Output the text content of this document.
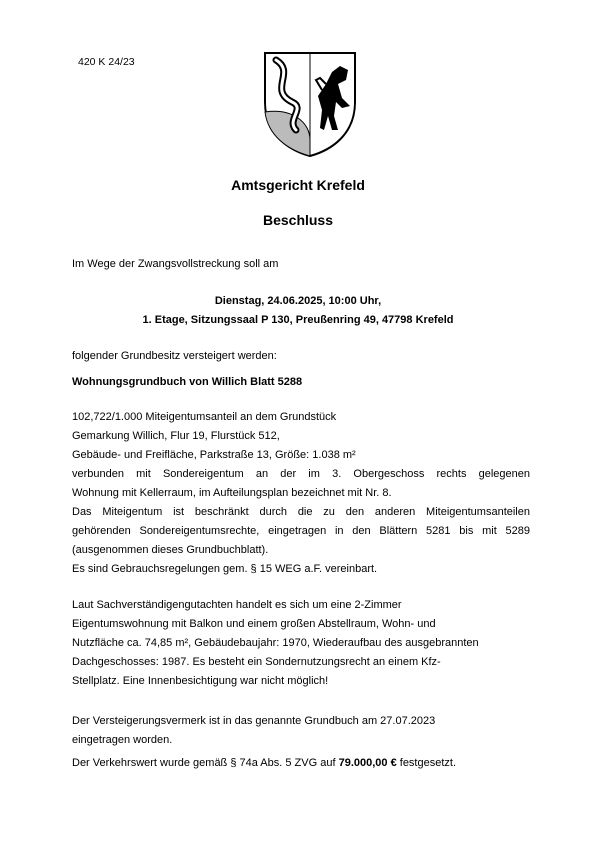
420 K 24/23
Amtsgericht Krefeld
Beschluss
Im Wege der Zwangsvollstreckung soll am
Dienstag, 24.06.2025, 10:00 Uhr,
1. Etage, Sitzungssaal P 130, Preußenring 49, 47798 Krefeld
folgender Grundbesitz versteigert werden:
Wohnungsgrundbuch von Willich Blatt 5288
102,722/1.000 Miteigentumsanteil an dem Grundstück
Gemarkung Willich, Flur 19, Flurstück 512,
Gebäude- und Freifläche, Parkstraße 13, Größe: 1.038 m²
verbunden mit Sondereigentum an der im 3. Obergeschoss rechts gelegenen
Wohnung mit Kellerraum, im Aufteilungsplan bezeichnet mit Nr. 8.
Das Miteigentum ist beschränkt durch die zu den anderen Miteigentumsanteilen
gehörenden Sondereigentumsrechte, eingetragen in den Blättern 5281 bis mit 5289
(ausgenommen dieses Grundbuchblatt).
Es sind Gebrauchsregelungen gem. § 15 WEG a.F. vereinbart.
Laut Sachverständigengutachten handelt es sich um eine 2-Zimmer
Eigentumswohnung mit Balkon und einem großen Abstellraum, Wohn- und
Nutzfläche ca. 74,85 m², Gebäudebaujahr: 1970, Wiederaufbau des ausgebrannten
Dachgeschosses: 1987. Es besteht ein Sondernutzungsrecht an einem Kfz-
Stellplatz. Eine Innenbesichtigung war nicht möglich!
Der Versteigerungsvermerk ist in das genannte Grundbuch am 27.07.2023
eingetragen worden.
Der Verkehrswert wurde gemäß § 74a Abs. 5 ZVG auf 79.000,00 € festgesetzt.
